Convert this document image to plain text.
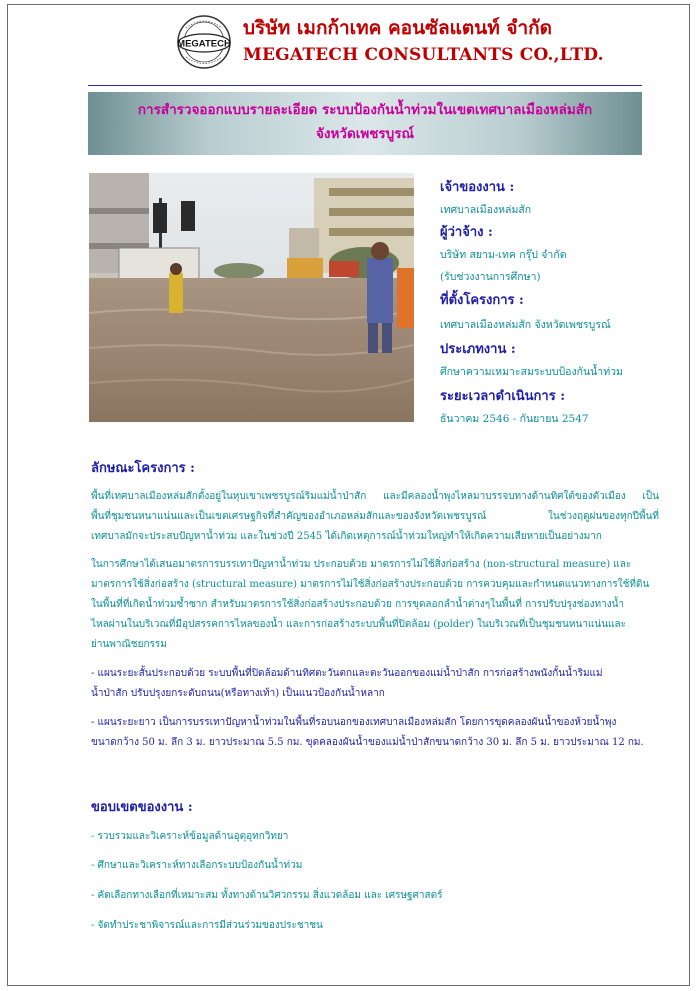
MEGATECH
บริษัท เมกก้าเทค คอนซัลแตนท์ จำกัด
MEGATECH CONSULTANTS CO.,LTD.
การสำรวจออกแบบรายละเอียด ระบบป้องกันน้ำท่วมในเขตเทศบาลเมืองหล่มสัก
จังหวัดเพชรบูรณ์
เจ้าของงาน :
เทศบาลเมืองหล่มสัก
ผู้ว่าจ้าง :
บริษัท สยาม-เทค กรุ๊ป จำกัด
(รับช่วงงานการศึกษา)
ที่ตั้งโครงการ :
เทศบาลเมืองหล่มสัก จังหวัดเพชรบูรณ์
ประเภทงาน :
ศึกษาความเหมาะสมระบบป้องกันน้ำท่วม
ระยะเวลาดำเนินการ :
ธันวาคม 2546 - กันยายน 2547
ลักษณะโครงการ :
พื้นที่เทศบาลเมืองหล่มสักตั้งอยู่ในหุบเขาเพชรบูรณ์ริมแม่น้ำป่าสัก และมีคลองน้ำพุงไหลมาบรรจบทางด้านทิศใต้ของตัวเมือง เป็น
พื้นที่ชุมชนหนาแน่นและเป็นเขตเศรษฐกิจที่สำคัญของอำเภอหล่มสักและของจังหวัดเพชรบูรณ์ ในช่วงฤดูฝนของทุกปีพื้นที่
เทศบาลมักจะประสบปัญหาน้ำท่วม และในช่วงปี 2545 ได้เกิดเหตุการณ์น้ำท่วมใหญ่ทำให้เกิดความเสียหายเป็นอย่างมาก
ในการศึกษาได้เสนอมาตรการบรรเทาปัญหาน้ำท่วม ประกอบด้วย มาตรการไม่ใช้สิ่งก่อสร้าง (non-structural measure) และ
มาตรการใช้สิ่งก่อสร้าง (structural measure) มาตรการไม่ใช้สิ่งก่อสร้างประกอบด้วย การควบคุมและกำหนดแนวทางการใช้ที่ดิน
ในพื้นที่ที่เกิดน้ำท่วมซ้ำซาก สำหรับมาตรการใช้สิ่งก่อสร้างประกอบด้วย การขุดลอกลำน้ำต่างๆในพื้นที่ การปรับปรุงช่องทางน้ำ
ไหลผ่านในบริเวณที่มีอุปสรรคการไหลของน้ำ และการก่อสร้างระบบพื้นที่ปิดล้อม (polder) ในบริเวณที่เป็นชุมชนหนาแน่นและ
ย่านพาณิชยกรรม
- แผนระยะสั้นประกอบด้วย ระบบพื้นที่ปิดล้อมด้านทิศตะวันตกและตะวันออกของแม่น้ำป่าสัก การก่อสร้างพนังกั้นน้ำริมแม่
น้ำป่าสัก ปรับปรุงยกระดับถนน(หรือทางเท้า) เป็นแนวป้องกันน้ำหลาก
- แผนระยะยาว เป็นการบรรเทาปัญหาน้ำท่วมในพื้นที่รอบนอกของเทศบาลเมืองหล่มสัก โดยการขุดคลองผันน้ำของห้วยน้ำพุง
ขนาดกว้าง 50 ม. ลึก 3 ม. ยาวประมาณ 5.5 กม. ขุดคลองผันน้ำของแม่น้ำป่าสักขนาดกว้าง 30 ม. ลึก 5 ม. ยาวประมาณ 12 กม.
ขอบเขตของงาน :
- รวบรวมและวิเคราะห์ข้อมูลด้านอุตุอุทกวิทยา
- ศึกษาและวิเคราะห์ทางเลือกระบบป้องกันน้ำท่วม
- คัดเลือกทางเลือกที่เหมาะสม ทั้งทางด้านวิศวกรรม สิ่งแวดล้อม และ เศรษฐศาสตร์
- จัดทำประชาพิจารณ์และการมีส่วนร่วมของประชาชน
